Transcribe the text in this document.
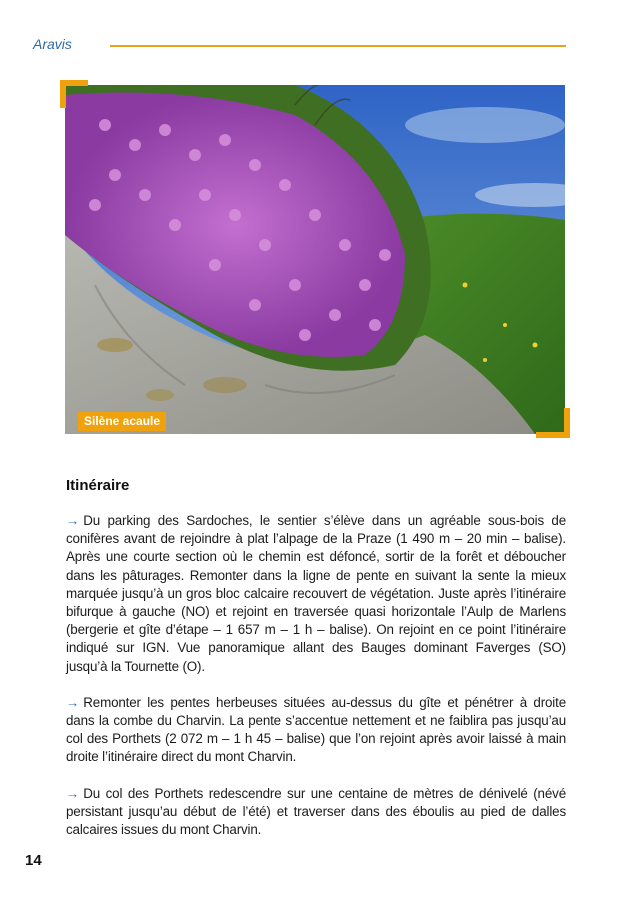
Aravis
Silène acaule
Itinéraire

→ Du parking des Sardoches, le sentier s’élève dans un agréable sous-bois de conifères avant de rejoindre à plat l’alpage de la Praze (1 490 m – 20 min – balise). Après une courte section où le chemin est défoncé, sortir de la forêt et déboucher dans les pâturages. Remonter dans la ligne de pente en suivant la sente la mieux marquée jusqu’à un gros bloc calcaire recouvert de végétation. Juste après l’itinéraire bifurque à gauche (NO) et rejoint en traversée quasi horizontale l’Aulp de Marlens (bergerie et gîte d’étape – 1 657 m – 1 h – balise). On rejoint en ce point l’itinéraire indiqué sur IGN. Vue panoramique allant des Bauges dominant Faverges (SO) jusqu’à la Tournette (O).

→ Remonter les pentes herbeuses situées au-dessus du gîte et pénétrer à droite dans la combe du Charvin. La pente s’accentue nettement et ne faiblira pas jusqu’au col des Porthets (2 072 m – 1 h 45 – balise) que l’on rejoint après avoir laissé à main droite l’itinéraire direct du mont Charvin.

→ Du col des Porthets redescendre sur une centaine de mètres de dénivelé (névé persistant jusqu’au début de l’été) et traverser dans des éboulis au pied de dalles calcaires issues du mont Charvin.

14
